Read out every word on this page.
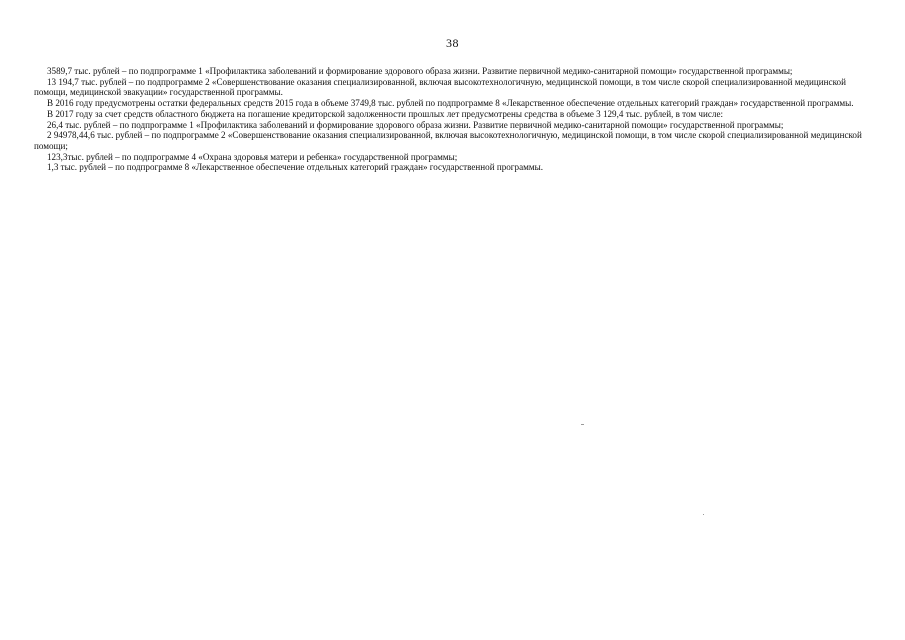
38

3589,7 тыс. рублей – по подпрограмме 1 «Профилактика заболеваний и формирование здорового образа жизни. Развитие первичной медико-санитарной помощи» государственной программы;

13 194,7 тыс. рублей – по подпрограмме 2 «Совершенствование оказания специализированной, включая высокотехнологичную, медицинской помощи, в том числе скорой специализированной медицинской помощи, медицинской эвакуации» государственной программы.

В 2016 году предусмотрены остатки федеральных средств 2015 года в объеме 3749,8 тыс. рублей по подпрограмме 8 «Лекарственное обеспечение отдельных категорий граждан» государственной программы.

В 2017 году за счет средств областного бюджета на погашение кредиторской задолженности прошлых лет предусмотрены средства в объеме 3 129,4 тыс. рублей, в том числе:

26,4 тыс. рублей – по подпрограмме 1 «Профилактика заболеваний и формирование здорового образа жизни. Развитие первичной медико-санитарной помощи» государственной программы;

2 94978,44,6 тыс. рублей – по подпрограмме 2 «Совершенствование оказания специализированной, включая высокотехнологичную, медицинской помощи, в том числе скорой специализированной медицинской помощи;

123,3тыс. рублей – по подпрограмме 4 «Охрана здоровья матери и ребенка» государственной программы;

1,3 тыс. рублей – по подпрограмме 8 «Лекарственное обеспечение отдельных категорий граждан» государственной программы.
